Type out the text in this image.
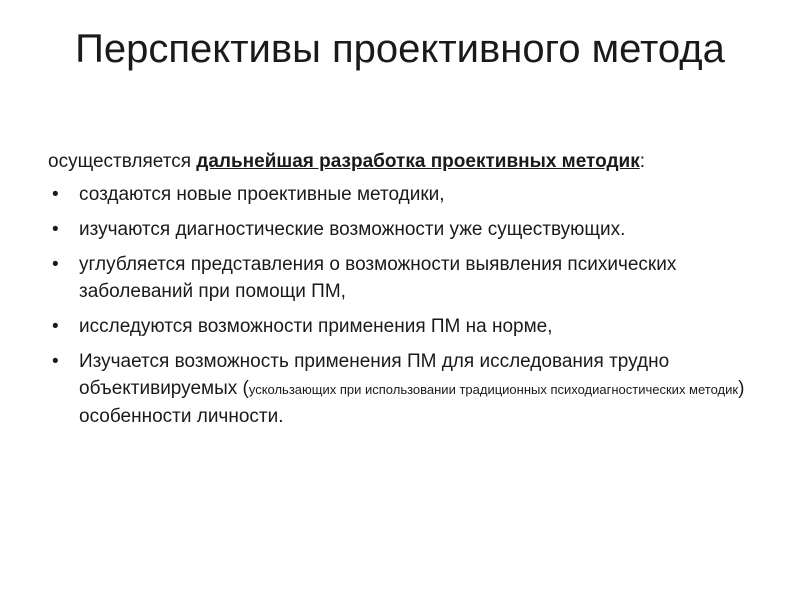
Перспективы проективного метода

осуществляется дальнейшая разработка проективных методик:

• создаются новые проективные методики,
• изучаются диагностические возможности уже существующих.
• углубляется представления о возможности выявления психических заболеваний при помощи ПМ,
• исследуются возможности применения ПМ на норме,
• Изучается возможность применения ПМ для исследования трудно объективируемых (ускользающих при использовании традиционных психодиагностических методик) особенности личности.
